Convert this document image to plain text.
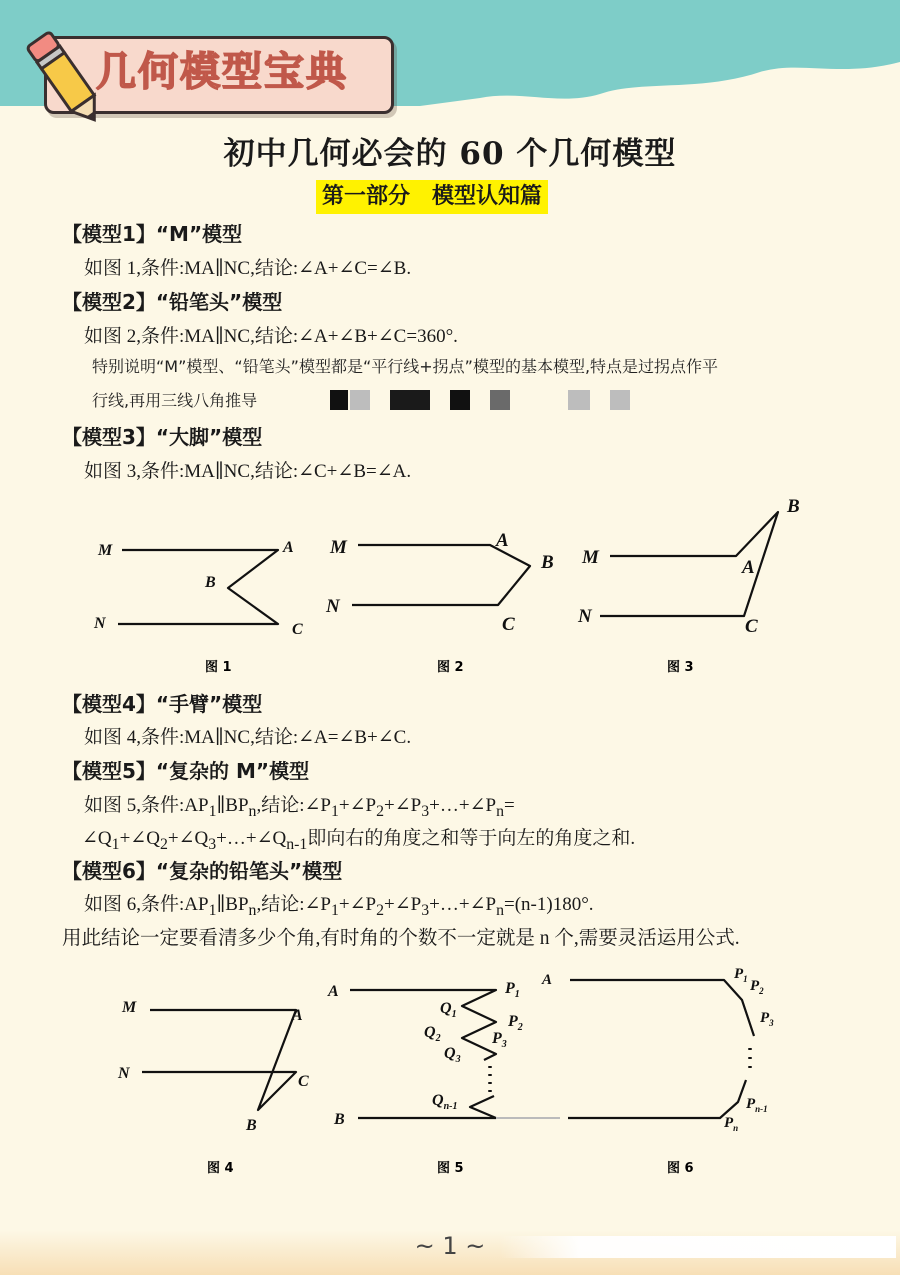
几何模型宝典
初中几何必会的 60 个几何模型
第一部分　模型认知篇
【模型1】“M”模型
如图 1,条件:MA∥NC,结论:∠A+∠C=∠B.
【模型2】“铅笔头”模型
如图 2,条件:MA∥NC,结论:∠A+∠B+∠C=360°.
特别说明“M”模型、“铅笔头”模型都是“平行线+拐点”模型的基本模型,特点是过拐点作平
行线,再用三线八角推导
【模型3】“大脚”模型
如图 3,条件:MA∥NC,结论:∠C+∠B=∠A.
【模型4】“手臂”模型
如图 4,条件:MA∥NC,结论:∠A=∠B+∠C.
【模型5】“复杂的 M”模型
如图 5,条件$:AP_1\parallel BP_n$,结论$:\angle P_1+\angle P_2+\angle P_3+\dots+\angle P_n=$
$\angle Q_1+\angle Q_2+\angle Q_3+\dots+\angle Q_{n-1}$即向右的角度之和等于向左的角度之和.
【模型6】“复杂的铅笔头”模型
如图 6,条件$:AP_1\parallel BP_n$,结论$:\angle P_1+\angle P_2+\angle P_3+\dots+\angle P_n=(n-1)180^\circ$.
用此结论一定要看清多少个角,有时角的个数不一定就是 n 个,需要灵活运用公式.
M	A
B
N	C
M	A
B
N
C
M
B
A
N	C
图 1	图 2	图 3
M	A
N	C
B
A
B
$P_1$
$P_2$
$P_3$
$Q_1$
$Q_2$
$Q_3$
$Q_{n-1}$
A	$P_1$ $P_2$
$P_3$
$P_{n-1}$
$P_n$
图 4	图 5	图 6
~ 1 ~
